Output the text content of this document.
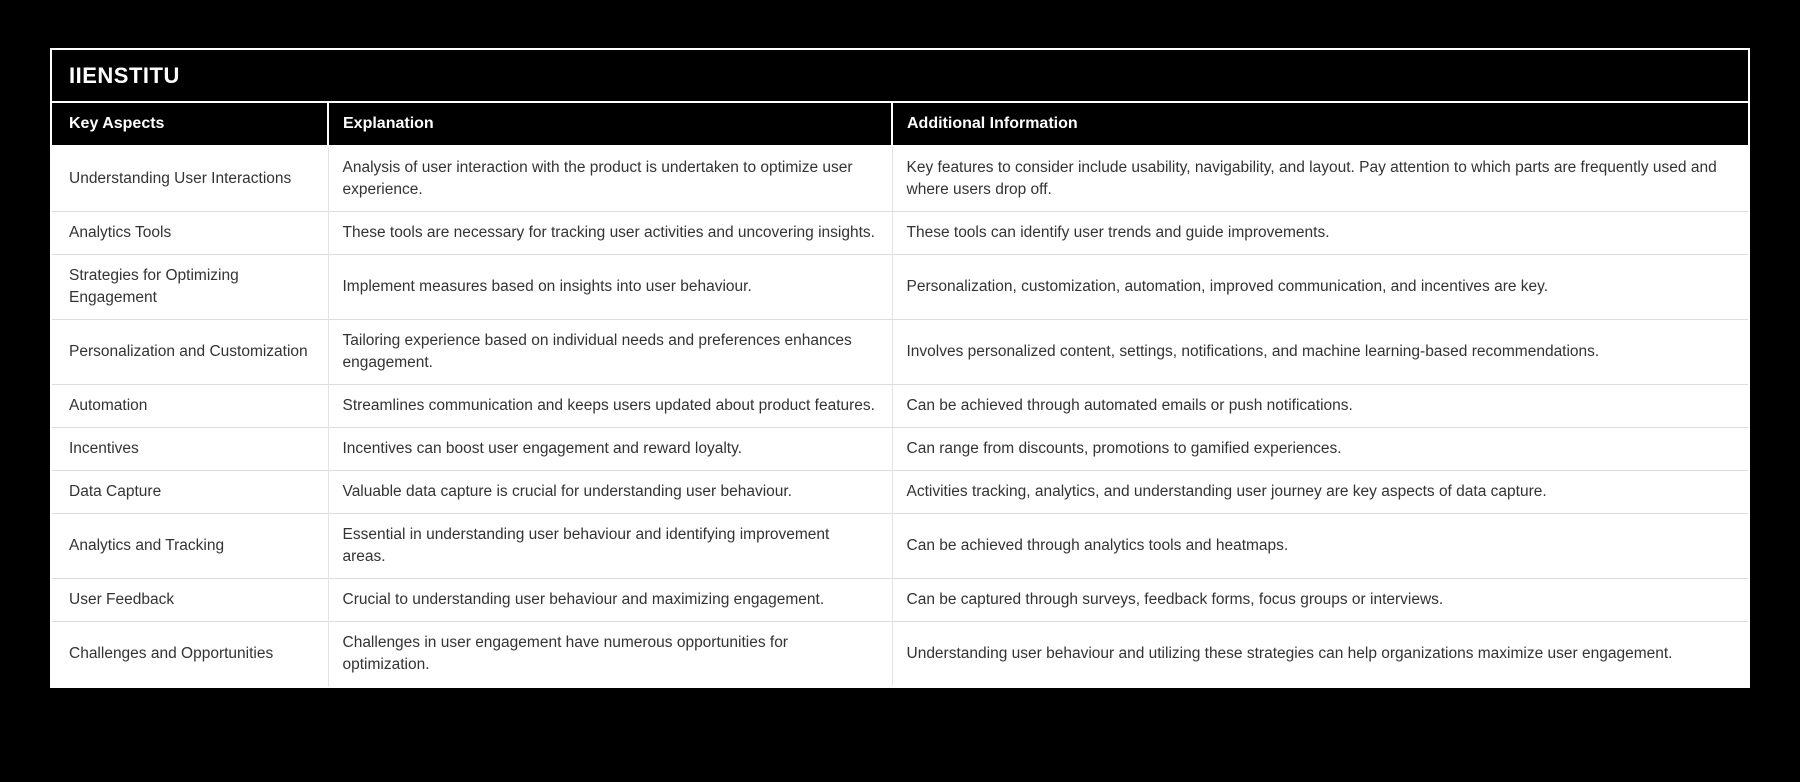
IIENSTITU
Key Aspects	Explanation	Additional Information
Understanding User Interactions	Analysis of user interaction with the product is undertaken to optimize user experience.	Key features to consider include usability, navigability, and layout. Pay attention to which parts are frequently used and where users drop off.
Analytics Tools	These tools are necessary for tracking user activities and uncovering insights.	These tools can identify user trends and guide improvements.
Strategies for Optimizing Engagement	Implement measures based on insights into user behaviour.	Personalization, customization, automation, improved communication, and incentives are key.
Personalization and Customization	Tailoring experience based on individual needs and preferences enhances engagement.	Involves personalized content, settings, notifications, and machine learning-based recommendations.
Automation	Streamlines communication and keeps users updated about product features.	Can be achieved through automated emails or push notifications.
Incentives	Incentives can boost user engagement and reward loyalty.	Can range from discounts, promotions to gamified experiences.
Data Capture	Valuable data capture is crucial for understanding user behaviour.	Activities tracking, analytics, and understanding user journey are key aspects of data capture.
Analytics and Tracking	Essential in understanding user behaviour and identifying improvement areas.	Can be achieved through analytics tools and heatmaps.
User Feedback	Crucial to understanding user behaviour and maximizing engagement.	Can be captured through surveys, feedback forms, focus groups or interviews.
Challenges and Opportunities	Challenges in user engagement have numerous opportunities for optimization.	Understanding user behaviour and utilizing these strategies can help organizations maximize user engagement.
